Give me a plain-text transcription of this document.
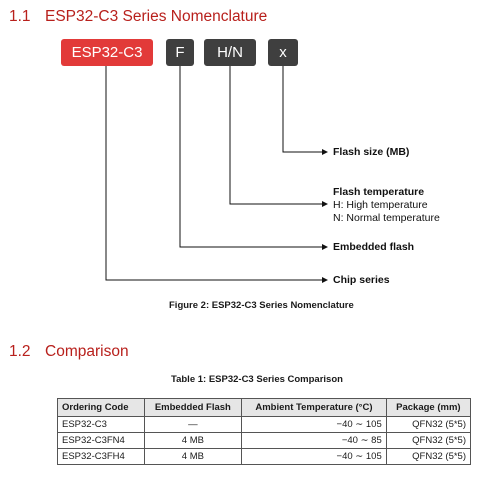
1.1 ESP32-C3 Series Nomenclature
ESP32-C3	F	H/N	x
Flash size (MB)
Flash temperature
H: High temperature
N: Normal temperature
Embedded flash
Chip series
Figure 2: ESP32-C3 Series Nomenclature
1.2 Comparison
Table 1: ESP32-C3 Series Comparison
Ordering Code	Embedded Flash	Ambient Temperature (°C)	Package (mm)
ESP32-C3	—	−40 ∼ 105	QFN32 (5*5)
ESP32-C3FN4	4 MB	−40 ∼ 85	QFN32 (5*5)
ESP32-C3FH4	4 MB	−40 ∼ 105	QFN32 (5*5)
